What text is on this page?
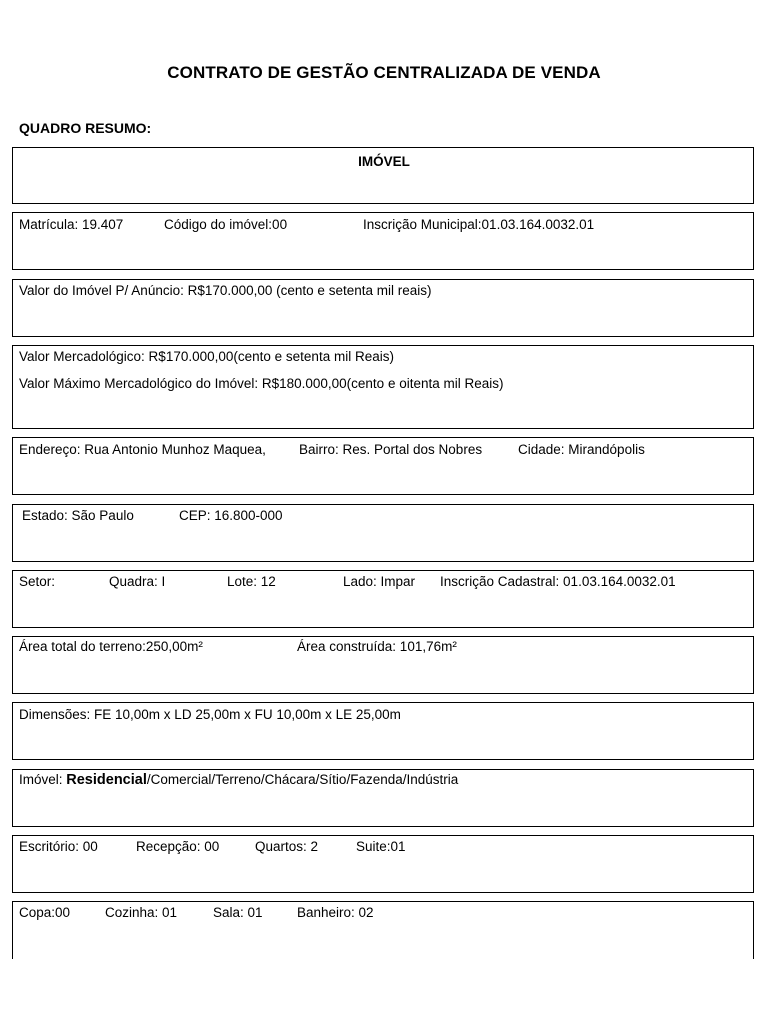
CONTRATO DE GESTÃO CENTRALIZADA DE VENDA
QUADRO RESUMO:
IMÓVEL
Matrícula: 19.407	Código do imóvel:00	Inscrição Municipal:01.03.164.0032.01
Valor do Imóvel P/ Anúncio: R$170.000,00 (cento e setenta mil reais)
Valor Mercadológico: R$170.000,00(cento e setenta mil Reais)
Valor Máximo Mercadológico do Imóvel: R$180.000,00(cento e oitenta mil Reais)
Endereço: Rua Antonio Munhoz Maquea, Bairro: Res. Portal dos Nobres	Cidade: Mirandópolis
Estado: São Paulo	CEP: 16.800-000
Setor:	Quadra: I	Lote: 12	Lado: Impar Inscrição Cadastral: 01.03.164.0032.01
Área total do terreno:250,00m²	Área construída: 101,76m²
Dimensões: FE 10,00m x LD 25,00m x FU 10,00m x LE 25,00m
Imóvel: Residencial/Comercial/Terreno/Chácara/Sítio/Fazenda/Indústria
Escritório: 00	Recepção: 00	Quartos: 2	Suite:01
Copa:00	Cozinha: 01	Sala: 01	Banheiro: 02
